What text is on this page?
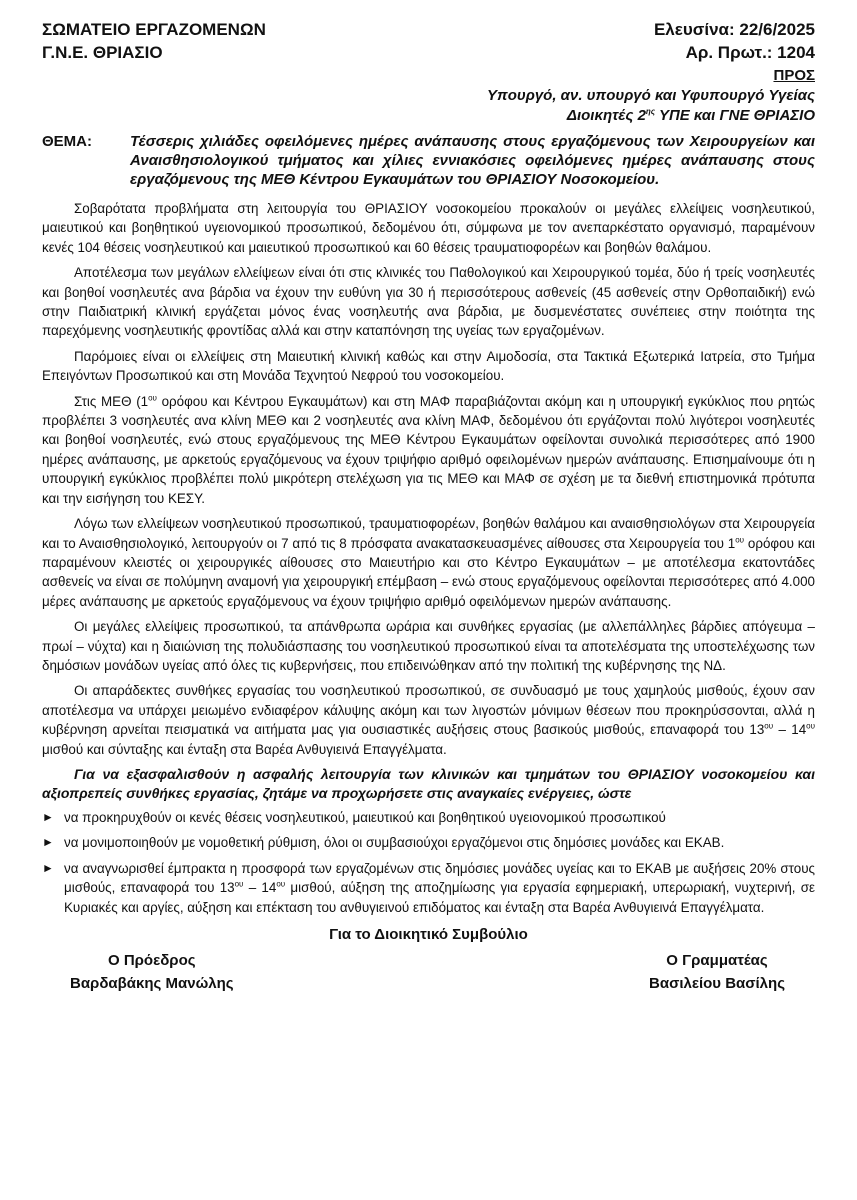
ΣΩΜΑΤΕΙΟ ΕΡΓΑΖΟΜΕΝΩΝ
Γ.Ν.Ε. ΘΡΙΑΣΙΟ
Ελευσίνα: 22/6/2025
Αρ. Πρωτ.: 1204
ΠΡΟΣ
Υπουργό, αν. υπουργό και Υφυπουργό Υγείας
Διοικητές $2^{\eta\varsigma}$ ΥΠΕ και ΓΝΕ ΘΡΙΑΣΙΟ
ΘΕΜΑ:	Τέσσερις χιλιάδες οφειλόμενες ημέρες ανάπαυσης στους εργαζόμενους των Χειρουργείων και Αναισθησιολογικού τμήματος και χίλιες εννιακόσιες οφειλόμενες ημέρες ανάπαυσης στους εργαζόμενους της ΜΕΘ Κέντρου Εγκαυμάτων του ΘΡΙΑΣΙΟΥ Νοσοκομείου.

Σοβαρότατα προβλήματα στη λειτουργία του ΘΡΙΑΣΙΟΥ νοσοκομείου προκαλούν οι μεγάλες ελλείψεις νοσηλευτικού, μαιευτικού και βοηθητικού υγειονομικού προσωπικού, δεδομένου ότι, σύμφωνα με τον ανεπαρκέστατο οργανισμό, παραμένουν κενές 104 θέσεις νοσηλευτικού και μαιευτικού προσωπικού και 60 θέσεις τραυματιοφορέων και βοηθών θαλάμου.

Αποτέλεσμα των μεγάλων ελλείψεων είναι ότι στις κλινικές του Παθολογικού και Χειρουργικού τομέα, δύο ή τρείς νοσηλευτές και βοηθοί νοσηλευτές ανα βάρδια να έχουν την ευθύνη για 30 ή περισσότερους ασθενείς (45 ασθενείς στην Ορθοπαιδική) ενώ στην Παιδιατρική κλινική εργάζεται μόνος ένας νοσηλευτής ανα βάρδια, με δυσμενέστατες συνέπειες στην ποιότητα της παρεχόμενης νοσηλευτικής φροντίδας αλλά και στην καταπόνηση της υγείας των εργαζομένων.

Παρόμοιες είναι οι ελλείψεις στη Μαιευτική κλινική καθώς και στην Αιμοδοσία, στα Τακτικά Εξωτερικά Ιατρεία, στο Τμήμα Επειγόντων Προσωπικού και στη Μονάδα Τεχνητού Νεφρού του νοσοκομείου.

Στις ΜΕΘ ($1^{o\upsilon}$ ορόφου και Κέντρου Εγκαυμάτων) και στη ΜΑΦ παραβιάζονται ακόμη και η υπουργική εγκύκλιος που ρητώς προβλέπει 3 νοσηλευτές ανα κλίνη ΜΕΘ και 2 νοσηλευτές ανα κλίνη ΜΑΦ, δεδομένου ότι εργάζονται πολύ λιγότεροι νοσηλευτές και βοηθοί νοσηλευτές, ενώ στους εργαζόμενους της ΜΕΘ Κέντρου Εγκαυμάτων οφείλονται συνολικά περισσότερες από 1900 ημέρες ανάπαυσης, με αρκετούς εργαζόμενους να έχουν τριψήφιο αριθμό οφειλομένων ημερών ανάπαυσης. Επισημαίνουμε ότι η υπουργική εγκύκλιος προβλέπει πολύ μικρότερη στελέχωση για τις ΜΕΘ και ΜΑΦ σε σχέση με τα διεθνή επιστημονικά πρότυπα και την εισήγηση του ΚΕΣΥ.

Λόγω των ελλείψεων νοσηλευτικού προσωπικού, τραυματιοφορέων, βοηθών θαλάμου και αναισθησιολόγων στα Χειρουργεία και το Αναισθησιολογικό, λειτουργούν οι 7 από τις 8 πρόσφατα ανακατασκευασμένες αίθουσες στα Χειρουργεία του $1^{o\upsilon}$ ορόφου και παραμένουν κλειστές οι χειρουργικές αίθουσες στο Μαιευτήριο και στο Κέντρο Εγκαυμάτων – με αποτέλεσμα εκατοντάδες ασθενείς να είναι σε πολύμηνη αναμονή για χειρουργική επέμβαση – ενώ στους εργαζόμενους οφείλονται περισσότερες από 4.000 μέρες ανάπαυσης με αρκετούς εργαζόμενους να έχουν τριψήφιο αριθμό οφειλόμενων ημερών ανάπαυσης.

Οι μεγάλες ελλείψεις προσωπικού, τα απάνθρωπα ωράρια και συνθήκες εργασίας (με αλλεπάλληλες βάρδιες απόγευμα – πρωί – νύχτα) και η διαιώνιση της πολυδιάσπασης του νοσηλευτικού προσωπικού είναι τα αποτελέσματα της υποστελέχωσης των δημόσιων μονάδων υγείας από όλες τις κυβερνήσεις, που επιδεινώθηκαν από την πολιτική της κυβέρνησης της ΝΔ.

Οι απαράδεκτες συνθήκες εργασίας του νοσηλευτικού προσωπικού, σε συνδυασμό με τους χαμηλούς μισθούς, έχουν σαν αποτέλεσμα να υπάρχει μειωμένο ενδιαφέρον κάλυψης ακόμη και των λιγοστών μόνιμων θέσεων που προκηρύσσονται, αλλά η κυβέρνηση αρνείται πεισματικά να αιτήματα μας για ουσιαστικές αυξήσεις στους βασικούς μισθούς, επαναφορά του $13^{o\upsilon} - 14^{o\upsilon}$ μισθού και σύνταξης και ένταξη στα Βαρέα Ανθυγιεινά Επαγγέλματα.

Για να εξασφαλισθούν η ασφαλής λειτουργία των κλινικών και τμημάτων του ΘΡΙΑΣΙΟΥ νοσοκομείου και αξιοπρεπείς συνθήκες εργασίας, ζητάμε να προχωρήσετε στις αναγκαίες ενέργειες, ώστε
► να προκηρυχθούν οι κενές θέσεις νοσηλευτικού, μαιευτικού και βοηθητικού υγειονομικού προσωπικού
► να μονιμοποιηθούν με νομοθετική ρύθμιση, όλοι οι συμβασιούχοι εργαζόμενοι στις δημόσιες μονάδες και ΕΚΑΒ.
► να αναγνωρισθεί έμπρακτα η προσφορά των εργαζομένων στις δημόσιες μονάδες υγείας και το ΕΚΑΒ με αυξήσεις 20% στους μισθούς, επαναφορά του $13^{o\upsilon} - 14^{o\upsilon}$ μισθού, αύξηση της αποζημίωσης για εργασία εφημεριακή, υπερωριακή, νυχτερινή, σε Κυριακές και αργίες, αύξηση και επέκταση του ανθυγιεινού επιδόματος και ένταξη στα Βαρέα Ανθυγιεινά Επαγγέλματα.
Για το Διοικητικό Συμβούλιο
Ο Πρόεδρος
Βαρδαβάκης Μανώλης
Ο Γραμματέας
Βασιλείου Βασίλης
